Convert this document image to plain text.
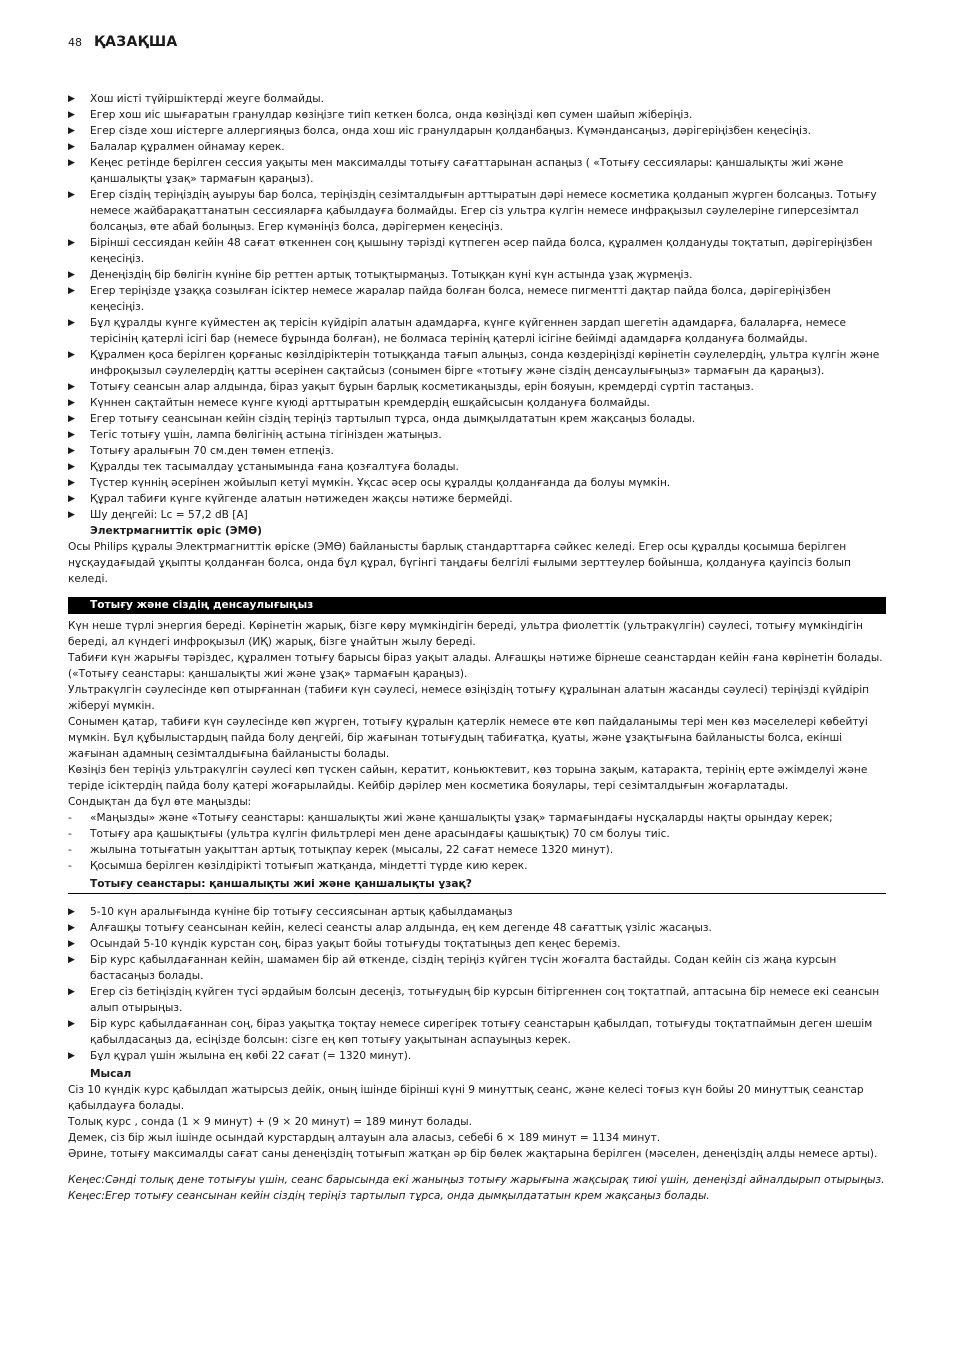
48 ҚАЗАҚША
▶ Хош иісті түйіршіктерді жеуге болмайды.
▶ Егер хош иіс шығаратын гранулдар көзіңізге тиіп кеткен болса, онда көзіңізді көп сумен шайып жіберіңіз.
▶ Егер сізде хош иістерге аллергияңыз болса, онда хош иіс гранулдарын қолданбаңыз. Күмәндансаңыз, дәрігеріңізбен кеңесіңіз.
▶ Балалар құралмен ойнамау керек.
▶ Кеңес ретінде берілген сессия уақыты мен максималды тотығу сағаттарынан аспаңыз ( «Тотығу сессиялары: қаншалықты жиі және қаншалықты ұзақ» тармағын қараңыз).
▶ Егер сіздің теріңіздің ауыруы бар болса, теріңіздің сезімталдығын арттыратын дәрі немесе косметика қолданып жүрген болсаңыз. Тотығу немесе жайбарақаттанатын сессияларға қабылдауға болмайды. Егер сіз ультра күлгін немесе инфрақызыл сәулелеріне гиперсезімтал болсаңыз, өте абай болыңыз. Егер күмәніңіз болса, дәрігермен кеңесіңіз.
▶ Бірінші сессиядан кейін 48 сағат өткеннен соң қышыну тәрізді күтпеген әсер пайда болса, құралмен қолдануды тоқтатып, дәрігеріңізбен кеңесіңіз.
▶ Денеңіздің бір бөлігін күніне бір реттен артық тотықтырмаңыз. Тотыққан күні күн астында ұзақ жүрмеңіз.
▶ Егер теріңізде ұзаққа созылған ісіктер немесе жаралар пайда болған болса, немесе пигментті дақтар пайда болса, дәрігеріңізбен кеңесіңіз.
▶ Бұл құралды күнге күймеcтен ақ терісін күйдіріп алатын адамдарға, күнге күйгеннен зардап шегетін адамдарға, балаларға, немесе терісінің қатерлі ісігі бар (немесе бұрында болған), не болмаса терінің қатерлі ісігіне бейімді адамдарға қолдануға болмайды.
▶ Құралмен қоса берілген қорғаныс көзілдіріктерін тотыққанда тағып алыңыз, сонда көздеріңізді көрінетін сәулелердің, ультра күлгін және инфроқызыл сәулелердің қатты әсерінен сақтайсыз (сонымен бірге «тотығу және сіздің денсаулығыңыз» тармағын да қараңыз).
▶ Тотығу сеансын алар алдында, біраз уақыт бұрын барлық косметикаңызды, ерін бояуын, кремдерді сүртіп тастаңыз.
▶ Күннен сақтайтын немесе күнге күюді арттыратын кремдердің ешқайсысын қолдануға болмайды.
▶ Егер тотығу сеансынан кейін сіздің теріңіз тартылып тұрса, онда дымқылдататын крем жақсаңыз болады.
▶ Тегіс тотығу үшін, лампа бөлігінің астына тігінізден жатыңыз.
▶ Тотығу аралығын 70 см.ден төмен етпеңіз.
▶ Құралды тек тасымалдау ұстанымында ғана қозғалтуға болады.
▶ Түстер күннің әсерінен жойылып кетуі мүмкін. Ұқсас әсер осы құралды қолданғанда да болуы мүмкін.
▶ Құрал табиғи күнге күйгенде алатын нәтижеден жақсы нәтиже бермейді.
▶ Шу деңгейі: Lc = 57,2 dB [A]
Электрмагниттік өріс (ЭМӨ)

Осы Philips құралы Электрмагниттік өріске (ЭМӨ) байланысты барлық стандарттарға сәйкес келеді. Егер осы құралды қосымша берілген нұсқаудағыдай ұқыпты қолданған болса, онда бұл құрал, бүгінгі таңдағы белгілі ғылыми зерттеулер бойынша, қолдануға қауіпсіз болып келеді.

Тотығу және сіздің денсаулығыңыз

Күн неше түрлі энергия береді. Көрінетін жарық, бізге көру мүмкіндігін береді, ультра фиолеттік (ультракүлгін) сәулесі, тотығу мүмкіндігін береді, ал күндегі инфроқызыл (ИҚ) жарық, бізге ұнайтын жылу береді.

Табиғи күн жарығы тәріздес, құралмен тотығу барысы біраз уақыт алады. Алғашқы нәтиже бірнеше сеанстардан кейін ғана көрінетін болады. («Тотығу сеанстары: қаншалықты жиі және ұзақ» тармағын қараңыз).

Ультракүлгін сәулесінде көп отырғаннан (табиғи күн сәулесі, немесе өзіңіздің тотығу құралынан алатын жасанды сәулесі) теріңізді күйдіріп жіберуі мүмкін.

Сонымен қатар, табиғи күн сәулесінде көп жүрген, тотығу құралын қатерлік немесе өте көп пайдаланымы тері мен көз мәселелері көбейтуі мүмкін. Бұл құбылыстардың пайда болу деңгейі, бір жағынан тотығудың табиғатқа, қуаты, және ұзақтығына байланысты болса, екінші жағынан адамның сезімталдығына байланысты болады.

Көзіңіз бен теріңіз ультракүлгін сәулесі көп түскен сайын, кератит, коньюктевит, көз торына зақым, катаракта, терінің ерте әжімделуі және теріде ісіктердің пайда болу қатері жоғарылайды. Кейбір дәрілер мен косметика бояулары, тері сезімталдығын жоғарлатады.

Сондықтан да бұл өте маңызды:

- «Маңызды» және «Тотығу сеанстары: қаншалықты жиі және қаншалықты ұзақ» тармағындағы нұсқаларды нақты орындау керек;
- Тотығу ара қашықтығы (ультра күлгін фильтрлері мен дене арасындағы қашықтық) 70 см болуы тиіс.
- жылына тотығатын уақыттан артық тотықпау керек (мысалы, 22 сағат немесе 1320 минут).
- Қосымша берілген көзілдірікті тотығып жатқанда, міндетті түрде кию керек.
Тотығу сеанстары: қаншалықты жиі және қаншалықты ұзақ?
▶ 5-10 күн аралығында күніне бір тотығу сессиясынан артық қабылдамаңыз
▶ Алғашқы тотығу сеансынан кейін, келесі сеансты алар алдында, ең кем дегенде 48 сағаттық үзіліс жасаңыз.
▶ Осындай 5-10 күндік курстан соң, біраз уақыт бойы тотығуды тоқтатыңыз деп кеңес береміз.
▶ Бір курс қабылдағаннан кейін, шамамен бір ай өткенде, сіздің теріңіз күйген түсін жоғалта бастайды. Содан кейін сіз жаңа курсын бастасаңыз болады.
▶ Егер сіз бетіңіздің күйген түсі әрдайым болсын десеңіз, тотығудың бір курсын бітіргеннен соң тоқтатпай, аптасына бір немесе екі сеансын алып отырыңыз.
▶ Бір курс қабылдағаннан соң, біраз уақытқа тоқтау немесе сирегірек тотығу сеанстарын қабылдап, тотығуды тоқтатпаймын деген шешім қабылдасаңыз да, есіңізде болсын: сізге ең көп тотығу уақытынан аспауыңыз керек.
▶ Бұл құрал үшін жылына ең көбі 22 сағат (= 1320 минут).
Мысал

Сіз 10 күндік курс қабылдап жатырсыз дейік, оның ішінде бірінші күні 9 минуттық сеанс, және келесі тоғыз күн бойы 20 минуттық сеанстар қабылдауға болады.

Толық курс , сонда (1 × 9 минут) + (9 × 20 минут) = 189 минут болады.

Демек, сіз бір жыл ішінде осындай курстардың алтауын ала аласыз, себебі 6 × 189 минут = 1134 минут.

Әрине, тотығу максималды сағат саны денеңіздің тотығып жатқан әр бір бөлек жақтарына берілген (мәселен, денеңіздің алды немесе арты).

Кеңес:Сәнді толық дене тотығуы үшін, сеанс барысында екі жаныңыз тотығу жарығына жақсырақ тиюі үшін, денеңізді айналдырып отырыңыз.

Кеңес:Егер тотығу сеансынан кейін сіздің теріңіз тартылып тұрса, онда дымқылдататын крем жақсаңыз болады.
